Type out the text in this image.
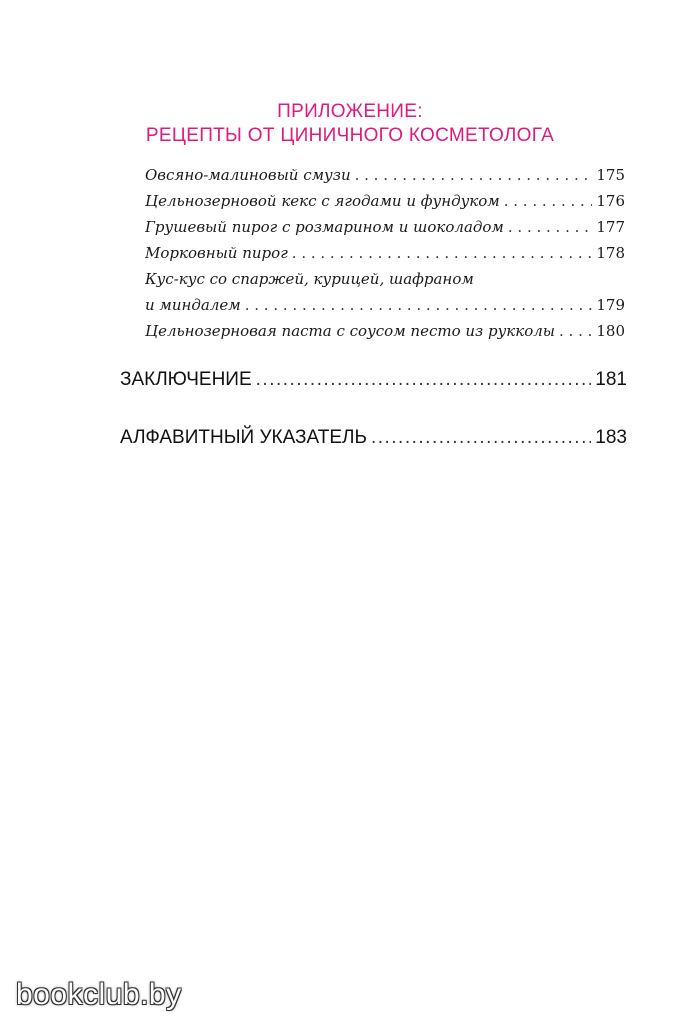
ПРИЛОЖЕНИЕ:
РЕЦЕПТЫ ОТ ЦИНИЧНОГО КОСМЕТОЛОГА
Овсяно-малиновый смузи . . .	175
Цельнозерновой кекс с ягодами и фундуком . . .	176
Грушевый пирог с розмарином и шоколадом . . .	177
Морковный пирог . . .	178
Кус-кус со спаржей, курицей, шафраном
и миндалем . . .	179
Цельнозерновая паста с соусом песто из рукколы . . .	180
ЗАКЛЮЧЕНИЕ .....	181
АЛФАВИТНЫЙ УКАЗАТЕЛЬ .....	183
bookclub.by
